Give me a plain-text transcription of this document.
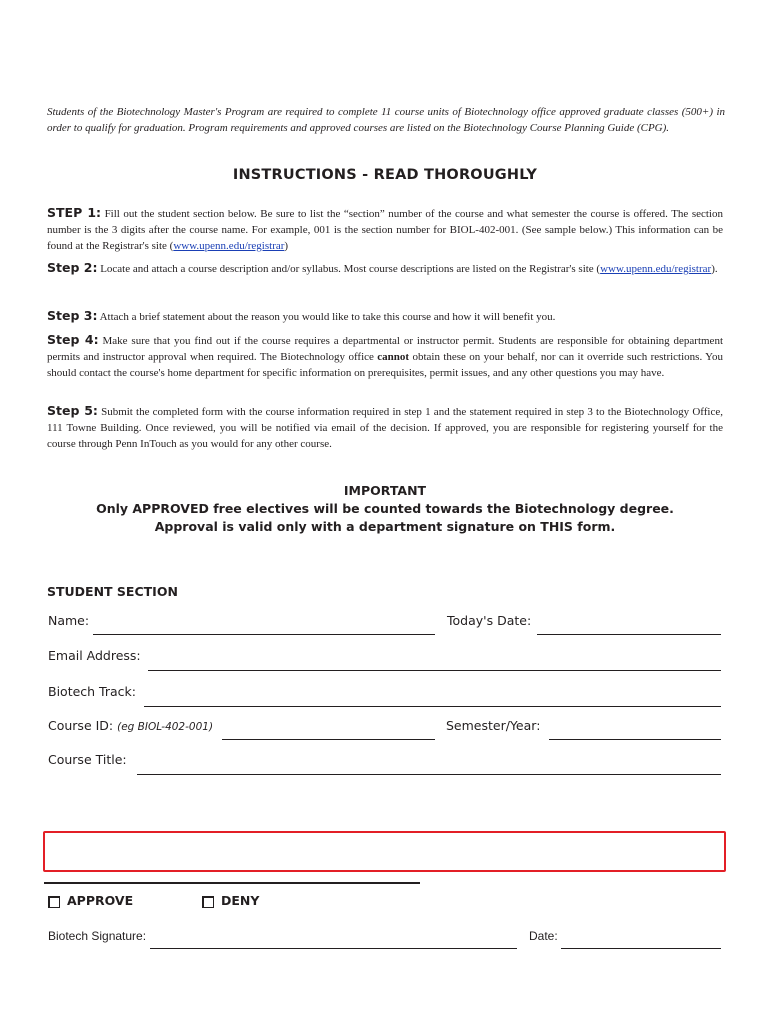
Students of the Biotechnology Master's Program are required to complete 11 course units of Biotechnology office approved graduate classes (500+) in order to qualify for graduation. Program requirements and approved courses are listed on the Biotechnology Course Planning Guide (CPG).
INSTRUCTIONS - READ THOROUGHLY
STEP 1: Fill out the student section below. Be sure to list the “section” number of the course and what semester the course is offered. The section number is the 3 digits after the course name. For example, 001 is the section number for BIOL-402-001. (See sample below.) This information can be found at the Registrar's site (www.upenn.edu/registrar)
Step 2: Locate and attach a course description and/or syllabus. Most course descriptions are listed on the Registrar's site (www.upenn.edu/registrar).
Step 3: Attach a brief statement about the reason you would like to take this course and how it will benefit you.
Step 4: Make sure that you find out if the course requires a departmental or instructor permit. Students are responsible for obtaining department permits and instructor approval when required. The Biotechnology office cannot obtain these on your behalf, nor can it override such restrictions. You should contact the course's home department for specific information on prerequisites, permit issues, and any other questions you may have.
Step 5: Submit the completed form with the course information required in step 1 and the statement required in step 3 to the Biotechnology Office, 111 Towne Building. Once reviewed, you will be notified via email of the decision. If approved, you are responsible for registering yourself for the course through Penn InTouch as you would for any other course.
IMPORTANT
Only APPROVED free electives will be counted towards the Biotechnology degree.
Approval is valid only with a department signature on THIS form.
STUDENT SECTION
Name:	Today's Date:
Email Address:
Biotech Track:
Course ID: (eg BIOL-402-001)	Semester/Year:
Course Title:
APPROVE	DENY
Biotech Signature:	Date:
